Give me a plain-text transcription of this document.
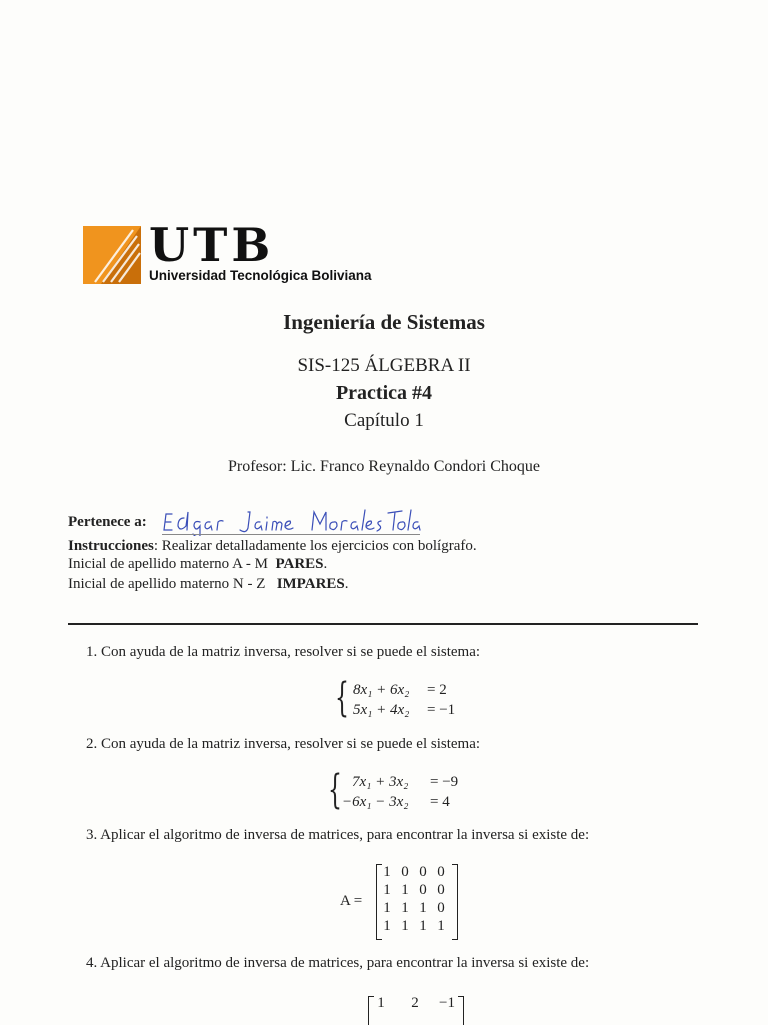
UTB
Universidad Tecnológica Boliviana
Ingeniería de Sistemas
SIS-125 ÁLGEBRA II
Practica #4
Capítulo 1
Profesor: Lic. Franco Reynaldo Condori Choque
Pertenece a:
Instrucciones: Realizar detalladamente los ejercicios con bolígrafo.
Inicial de apellido materno A - M PARES.
Inicial de apellido materno N - Z IMPARES.
1. Con ayuda de la matriz inversa, resolver si se puede el sistema:
{ 8x₁ + 6x₂ = 2
5x₁ + 4x₂ = −1
2. Con ayuda de la matriz inversa, resolver si se puede el sistema:
{ 7x₁ + 3x₂ = −9
−6x₁ − 3x₂ = 4
3. Aplicar el algoritmo de inversa de matrices, para encontrar la inversa si existe de:
A =
1 0 0 0
1 1 0 0
1 1 1 0
1 1 1 1
4. Aplicar el algoritmo de inversa de matrices, para encontrar la inversa si existe de:
1 2 −1
